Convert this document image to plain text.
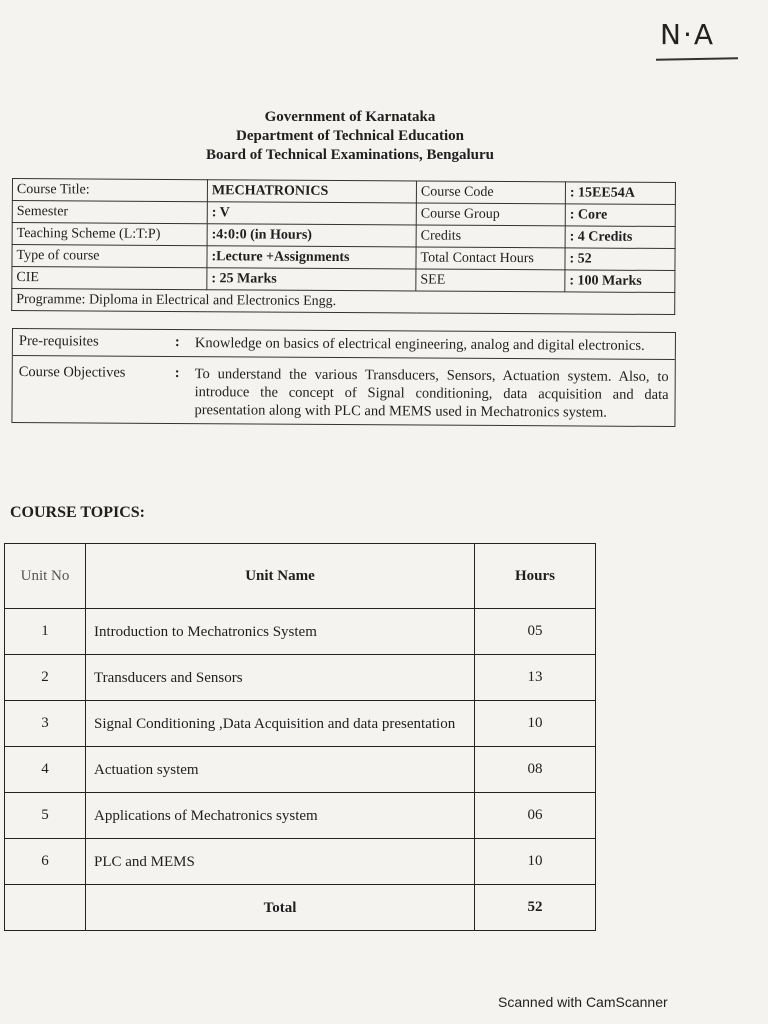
N·A
Government of Karnataka
Department of Technical Education
Board of Technical Examinations, Bengaluru
Course Title:	MECHATRONICS	Course Code	: 15EE54A
Semester	: V	Course Group	: Core
Teaching Scheme (L:T:P)	:4:0:0 (in Hours)	Credits	: 4 Credits
Type of course	:Lecture +Assignments	Total Contact Hours	: 52
CIE	: 25 Marks	SEE	: 100 Marks
Programme: Diploma in Electrical and Electronics Engg.			
Pre-requisites	:	Knowledge on basics of electrical engineering, analog and digital electronics.
Course Objectives	:	To understand the various Transducers, Sensors, Actuation system. Also, to introduce the concept of Signal conditioning, data acquisition and data presentation along with PLC and MEMS used in Mechatronics system.
COURSE TOPICS:
Unit No	Unit Name	Hours
1	Introduction to Mechatronics System	05
2	Transducers and Sensors	13
3	Signal Conditioning ,Data Acquisition and data presentation	10
4	Actuation system	08
5	Applications of Mechatronics system	06
6	PLC and MEMS	10
	Total	52
Scanned with CamScanner
